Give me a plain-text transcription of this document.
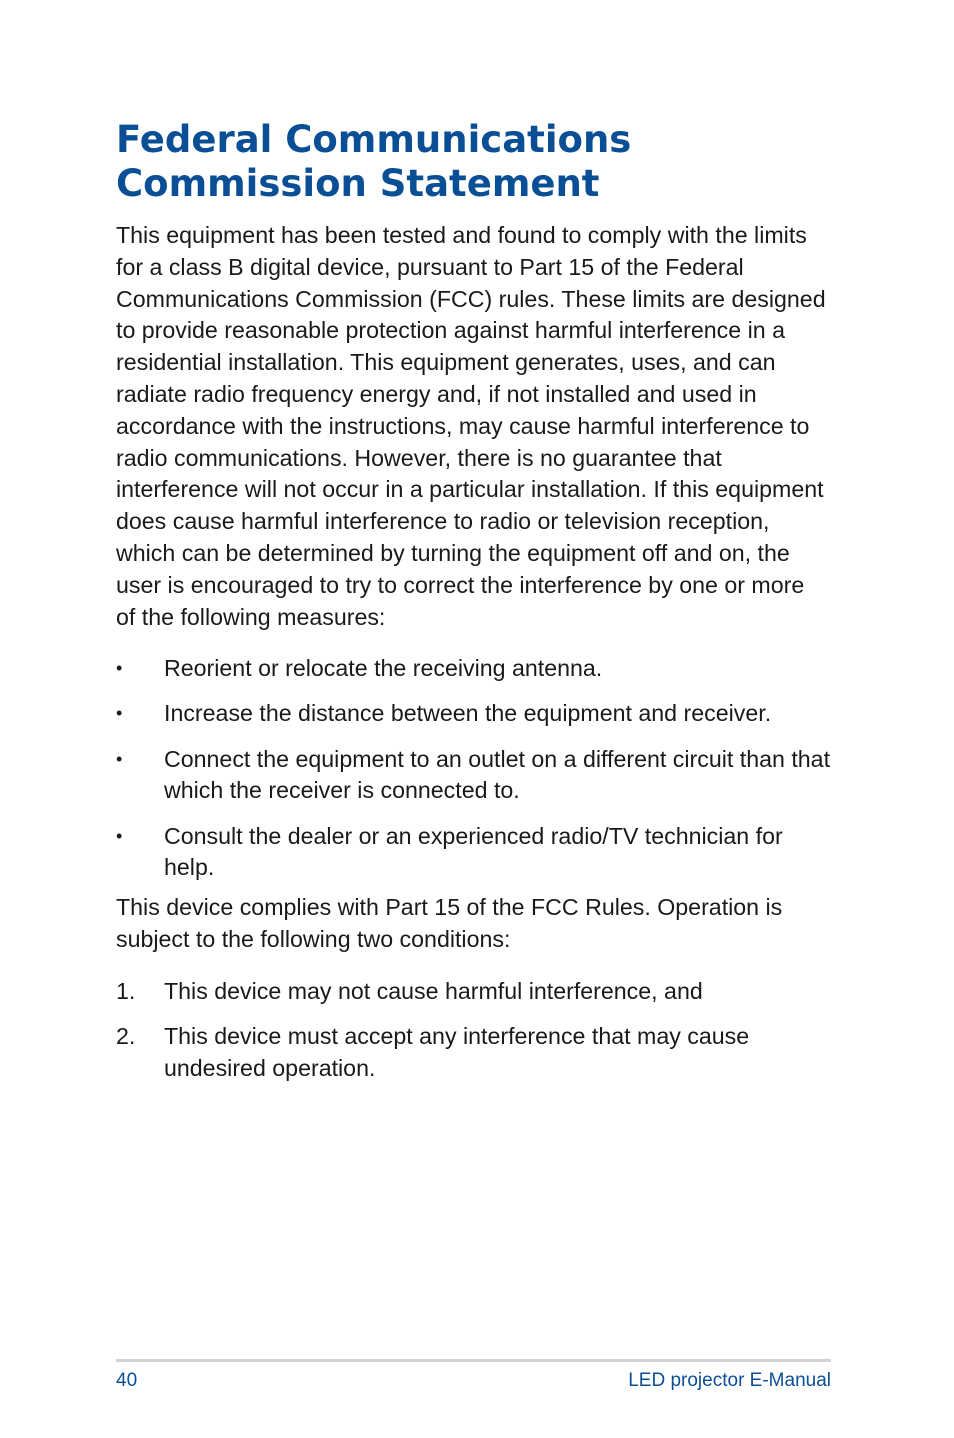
Federal Communications Commission Statement

This equipment has been tested and found to comply with the limits for a class B digital device, pursuant to Part 15 of the Federal Communications Commission (FCC) rules. These limits are designed to provide reasonable protection against harmful interference in a residential installation. This equipment generates, uses, and can radiate radio frequency energy and, if not installed and used in accordance with the instructions, may cause harmful interference to radio communications. However, there is no guarantee that interference will not occur in a particular installation. If this equipment does cause harmful interference to radio or television reception, which can be determined by turning the equipment off and on, the user is encouraged to try to correct the interference by one or more of the following measures:

•	Reorient or relocate the receiving antenna.
•	Increase the distance between the equipment and receiver.
•	Connect the equipment to an outlet on a different circuit than that which the receiver is connected to.
•	Consult the dealer or an experienced radio/TV technician for help.

This device complies with Part 15 of the FCC Rules. Operation is subject to the following two conditions:

1.	This device may not cause harmful interference, and
2.	This device must accept any interference that may cause undesired operation.
40	LED projector E-Manual
